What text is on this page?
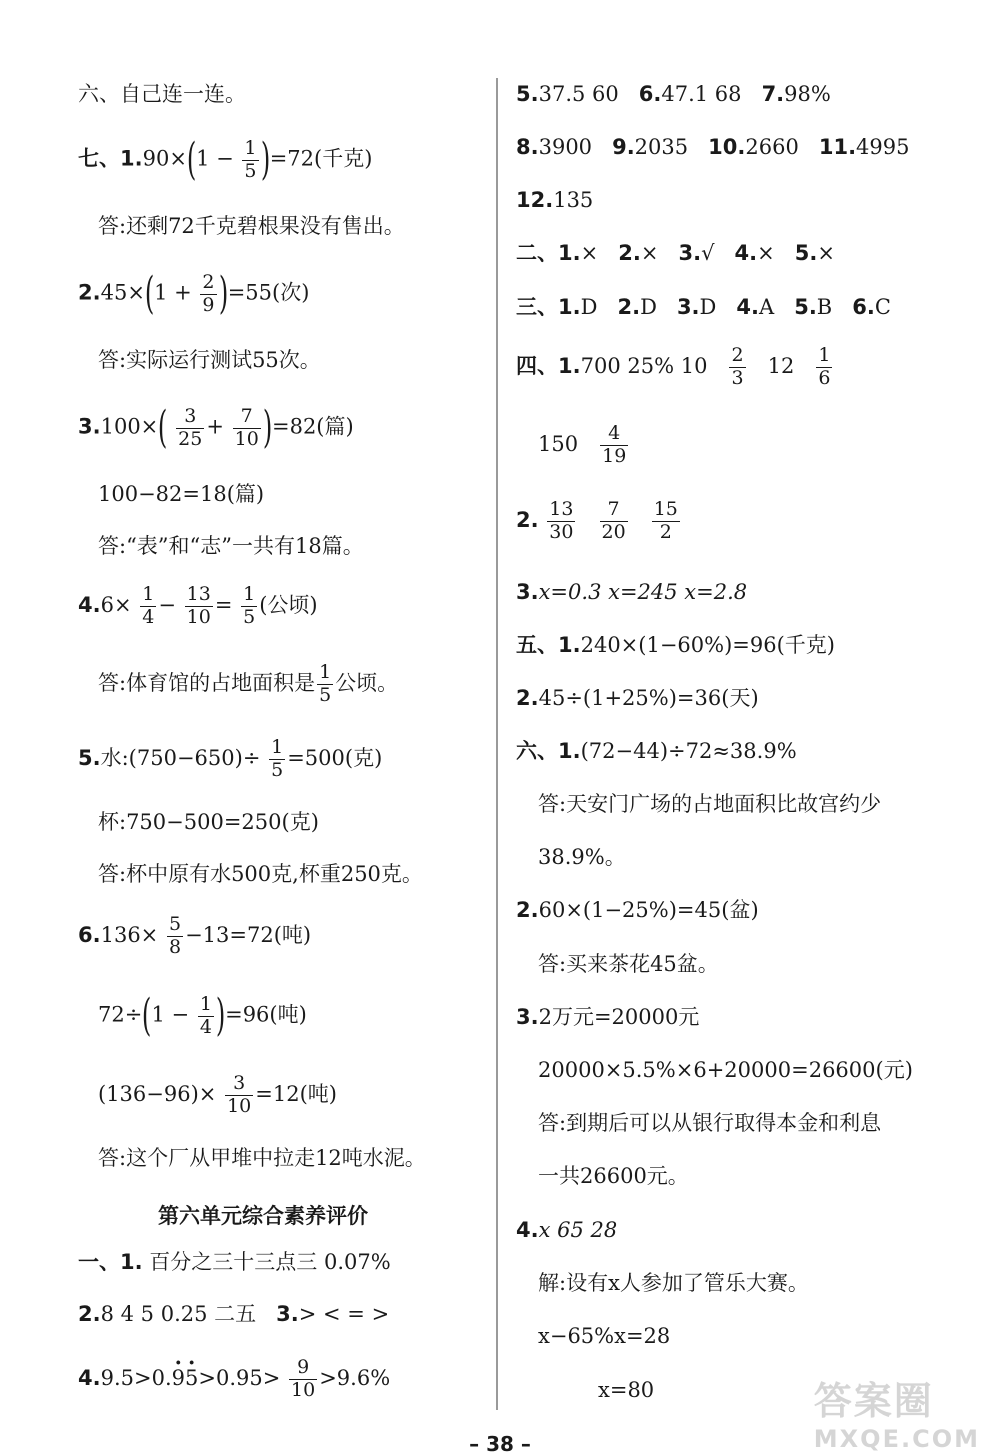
六、自己连一连。
七、$1.90\times(1 - \frac{1}{5} )=72$(千克)
答:还剩72千克碧根果没有售出。
$2.45\times(1 + \frac{2}{9} )=55$(次)
答:实际运行测试55次。
$3.100\times( \frac{3}{25} + \frac{7}{10} )=82$(篇)
100−82=18(篇)
答:“表”和“志”一共有18篇。
$4.6\times \frac{1}{4} - \frac{13}{10} = \frac{1}{5}$ (公顷)
答:体育馆的占地面积是 $\frac{1}{5}$ 公顷。
5.水:(750−650)÷ $\frac{1}{5} =500$(克)
杯:750−500=250(克)
答:杯中原有水500克,杯重250克。
$6.136\times \frac{5}{8} -13=72$(吨)
$72\div(1 - \frac{1}{4} )=96$(吨)
$(136-96)\times \frac{3}{10} =12$(吨)
答:这个厂从甲堆中拉走12吨水泥。
第六单元综合素养评价
一、1. 百分之三十三点三 0.07%
2.8 4 5 0.25 二五 3.> < = >
$4.9.5>0.\cdot 9\cdot 5>0.95> \frac{9}{10} >9.6\%$
5.37.5 60 6.47.1 68 7.98%
8.3900 9.2035 10.2660 11.4995
12.135
二、1.× 2.× 3.√ 4.× 5.×
三、1.D 2.D 3.D 4.A 5.B 6.C
四、1.700 25% $10 \frac{2}{3} 12 \frac{1}{6}$
$150 \frac{4}{19}$
2. $\frac{13}{30}$
$\frac{7}{20}$
$\frac{15}{2}$
3.x=0.3 x=245 x=2.8
五、1.240×(1−60%)=96(千克)
2.45÷(1+25%)=36(天)
六、1.(72−44)÷72≈38.9%
答:天安门广场的占地面积比故宫约少
38.9%。
2.60×(1−25%)=45(盆)
答:买来茶花45盆。
3.2万元=20000元
20000×5.5%×6+20000=26600(元)
答:到期后可以从银行取得本金和利息
一共26600元。
4.x 65 28
解:设有x人参加了管乐大赛。
x−65%x=28
x=80
– 38 –
答案圈
MXQE.COM
